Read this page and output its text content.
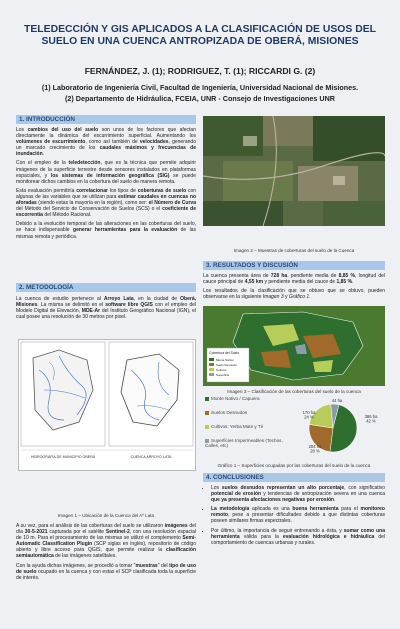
TELEDECCIÓN Y GIS APLICADOS A LA CLASIFICACIÓN DE USOS DEL SUELO EN UNA CUENCA ANTROPIZADA DE OBERÁ, MISIONES
FERNÁNDEZ, J. (1); RODRIGUEZ, T. (1); RICCARDI G. (2)
(1) Laboratorio de Ingeniería Civil, Facultad de Ingeniería, Universidad Nacional de Misiones.
(2) Departamento de Hidráulica, FCEIA, UNR - Consejo de Investigaciones UNR
1. INTRODUCCIÓN

Los cambios del uso del suelo son unos de los factores que afectan directamente la dinámica del escurrimiento superficial. Aumentando los volúmenes de escurrimiento, como así también de velocidades, generando un marcado crecimiento de los caudales máximos y frecuencias de inundación.

Con el empleo de la teledetección, que es la técnica que permite adquirir imágenes de la superficie terrestre desde sensores instalados en plataformas espaciales, y los sistemas de información geográfica (SIG) se puede monitorear dichos cambios en la cobertura del suelo de manera remota.

Esta evaluación permitiría correlacionar los tipos de coberturas de suelo con algunas de las variables que se utilizan para estimar caudales en cuencas no aforadas (siendo estas la mayoría en la región), como ser: el Número de Curva del Método del Servicio de Conservación de Suelos (SCS) o el coeficiente de escorrentía del Método Racional.

Debido a la evolución temporal de las alteraciones en las coberturas del suelo, se hace indispensable generar herramientas para la evaluación de las mismas remota y periódica.

2. METODOLOGÍA

La cuenca de estudio pertenece al Arroyo Lata, en la ciudad de Oberá, Misiones. La misma se delimitó en el software libre QGIS con el empleo del Modelo Digital de Elevación, MDE-Ar del Instituto Geográfico Nacional (IGN), el cual posee una resolución de 30 metros por pixel.

HIDROGRAFÍA DE MUNICIPIO OBERÁ	CUENCA ARROYO LATA
Imagen 1 – Ubicación de la Cuenca del Aº Lata

A su vez, para el análisis de las coberturas del suelo se utilizaron imágenes del día 30-5-2021 capturada por el satélite Sentinel-2, con una resolución espacial de 10 m. Para el procesamiento de las mismas se utilizó el complemento Semi-Automatic Classification Plugin (SCP siglas en inglés), repositorio de código abierto y libre acceso para QGIS, que permite realizar la clasificación semiautomática de las imágenes satelitales.

Con la ayuda dichas imágenes, se procedió a tomar "muestras" del tipo de uso de suelo ocupado en la cuenca y con estas el SCP clasificada toda la superficie de interés.

Imagen 2 – Muestras de coberturas del suelo de la Cuenca
3. RESULTADOS Y DISCUSIÓN

La cuenca presenta área de 728 ha, pendiente media de 8,85 %, longitud del cauce principal de 4,55 km y pendiente media del cauce de 1,85 %.

Los resultados de la clasificación que se obtuvo que se obtuvo, pueden observarse en la siguiente Imagen 3 y Gráfico 1.

Cobertura del Suelo
Monte Nativo
Suelo Desnudo
Cultivos
Superficie
Imagen 3 – Clasificación de las coberturas del suelo de la cuenca
Monte Nativo / Capuera
Suelos Desnudos
Cultivos: Yerba Mate y Té
Superficies Impermeables (Techos, Calles, etc)
386 ha 42 %
204 ha 28 %
170 ha 24 %
44 ha
Gráfico 1 – Superficies ocupadas por las coberturas del suelo de la cuenca
4. CONCLUSIONES
• Los suelos desnudos representan un alto porcentaje, con significativo potencial de erosión y tendencias de antropización severa en una cuenca que ya presenta afectaciones negativas por erosión.
• La metodología aplicada es una buena herramienta para el monitoreo remoto, pese a presentar dificultades debido a que distintas coberturas poseen similares firmas espectrales.
• Por último, la importancia de seguir entrenando a ésta, y sumar como una herramienta válida para la evaluación hidrológica e hidráulica del comportamiento de cuencas urbanas y rurales.
